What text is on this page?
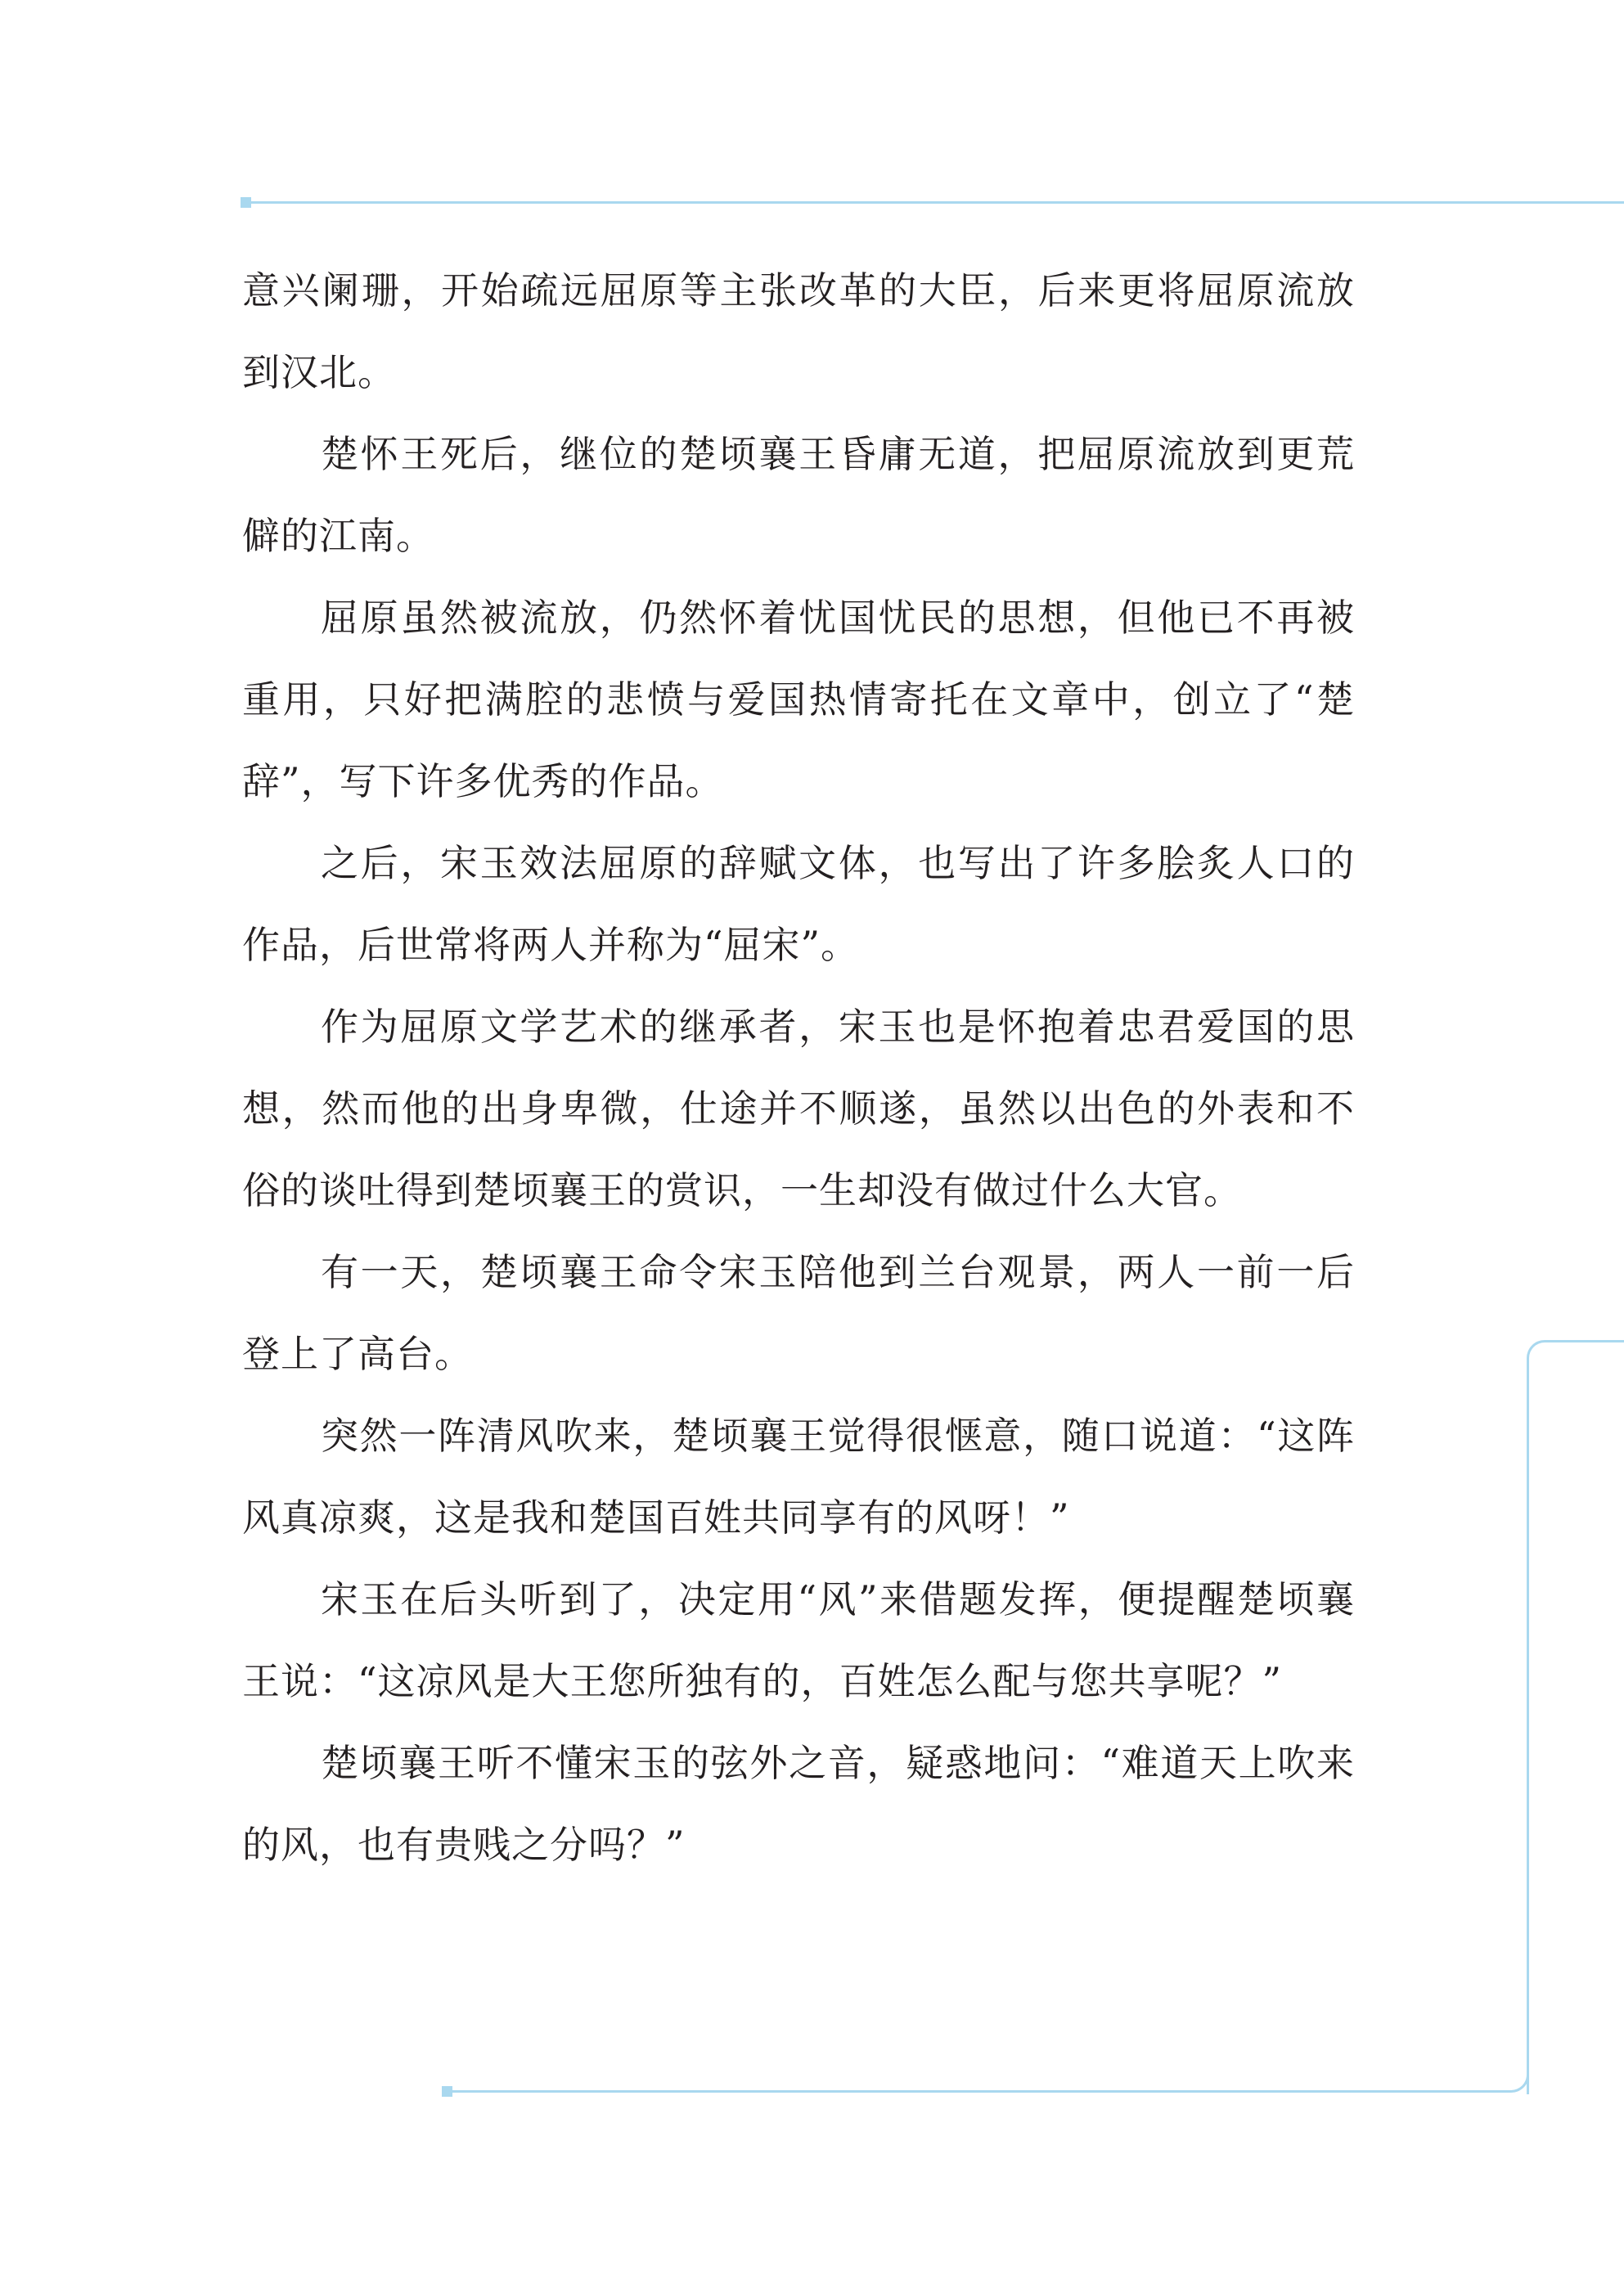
意兴阑珊，开始疏远屈原等主张改革的大臣，后来更将屈原流放到汉北。

楚怀王死后，继位的楚顷襄王昏庸无道，把屈原流放到更荒僻的江南。

屈原虽然被流放，仍然怀着忧国忧民的思想，但他已不再被重用，只好把满腔的悲愤与爱国热情寄托在文章中，创立了“楚辞”，写下许多优秀的作品。

之后，宋玉效法屈原的辞赋文体，也写出了许多脍炙人口的作品，后世常将两人并称为“屈宋”。

作为屈原文学艺术的继承者，宋玉也是怀抱着忠君爱国的思想，然而他的出身卑微，仕途并不顺遂，虽然以出色的外表和不俗的谈吐得到楚顷襄王的赏识，一生却没有做过什么大官。

有一天，楚顷襄王命令宋玉陪他到兰台观景，两人一前一后登上了高台。

突然一阵清风吹来，楚顷襄王觉得很惬意，随口说道：“这阵风真凉爽，这是我和楚国百姓共同享有的风呀！”

宋玉在后头听到了，决定用“风”来借题发挥，便提醒楚顷襄王说：“这凉风是大王您所独有的，百姓怎么配与您共享呢？”

楚顷襄王听不懂宋玉的弦外之音，疑惑地问：“难道天上吹来的风，也有贵贱之分吗？”
